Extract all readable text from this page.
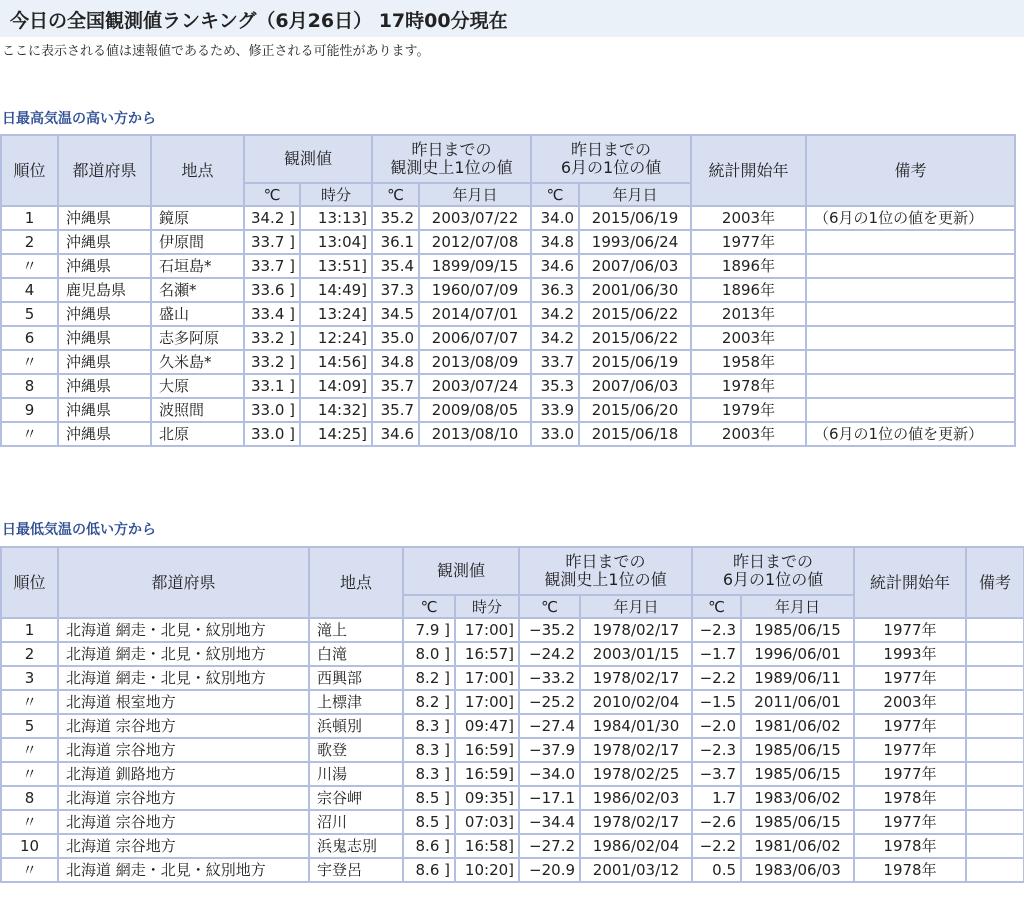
今日の全国観測値ランキング（6月26日） 17時00分現在
ここに表示される値は速報値であるため、修正される可能性があります。
日最高気温の高い方から
順位	都道府県	地点	観測値		昨日までの
観測史上1位の値		昨日までの
6月の1位の値		統計開始年	備考
			℃	時分	℃	年月日	℃	年月日		
1	沖縄県	鏡原	34.2 ]	13:13]	35.2	2003/07/22	34.0	2015/06/19	2003年	（6月の1位の値を更新）
2	沖縄県	伊原間	33.7 ]	13:04]	36.1	2012/07/08	34.8	1993/06/24	1977年	
〃	沖縄県	石垣島*	33.7 ]	13:51]	35.4	1899/09/15	34.6	2007/06/03	1896年	
4	鹿児島県	名瀬*	33.6 ]	14:49]	37.3	1960/07/09	36.3	2001/06/30	1896年	
5	沖縄県	盛山	33.4 ]	13:24]	34.5	2014/07/01	34.2	2015/06/22	2013年	
6	沖縄県	志多阿原	33.2 ]	12:24]	35.0	2006/07/07	34.2	2015/06/22	2003年	
〃	沖縄県	久米島*	33.2 ]	14:56]	34.8	2013/08/09	33.7	2015/06/19	1958年	
8	沖縄県	大原	33.1 ]	14:09]	35.7	2003/07/24	35.3	2007/06/03	1978年	
9	沖縄県	波照間	33.0 ]	14:32]	35.7	2009/08/05	33.9	2015/06/20	1979年	
〃	沖縄県	北原	33.0 ]	14:25]	34.6	2013/08/10	33.0	2015/06/18	2003年	（6月の1位の値を更新）
日最低気温の低い方から
順位	都道府県	地点	観測値		昨日までの
観測史上1位の値		昨日までの
6月の1位の値		統計開始年	備考
			℃	時分	℃	年月日	℃	年月日		
1	北海道 網走・北見・紋別地方	滝上	7.9 ]	17:00]	−35.2	1978/02/17	−2.3	1985/06/15	1977年	
2	北海道 網走・北見・紋別地方	白滝	8.0 ]	16:57]	−24.2	2003/01/15	−1.7	1996/06/01	1993年	
3	北海道 網走・北見・紋別地方	西興部	8.2 ]	17:00]	−33.2	1978/02/17	−2.2	1989/06/11	1977年	
〃	北海道 根室地方	上標津	8.2 ]	17:00]	−25.2	2010/02/04	−1.5	2011/06/01	2003年	
5	北海道 宗谷地方	浜頓別	8.3 ]	09:47]	−27.4	1984/01/30	−2.0	1981/06/02	1977年	
〃	北海道 宗谷地方	歌登	8.3 ]	16:59]	−37.9	1978/02/17	−2.3	1985/06/15	1977年	
〃	北海道 釧路地方	川湯	8.3 ]	16:59]	−34.0	1978/02/25	−3.7	1985/06/15	1977年	
8	北海道 宗谷地方	宗谷岬	8.5 ]	09:35]	−17.1	1986/02/03	1.7	1983/06/02	1978年	
〃	北海道 宗谷地方	沼川	8.5 ]	07:03]	−34.4	1978/02/17	−2.6	1985/06/15	1977年	
10	北海道 宗谷地方	浜鬼志別	8.6 ]	16:58]	−27.2	1986/02/04	−2.2	1981/06/02	1978年	
〃	北海道 網走・北見・紋別地方	宇登呂	8.6 ]	10:20]	−20.9	2001/03/12	0.5	1983/06/03	1978年	
